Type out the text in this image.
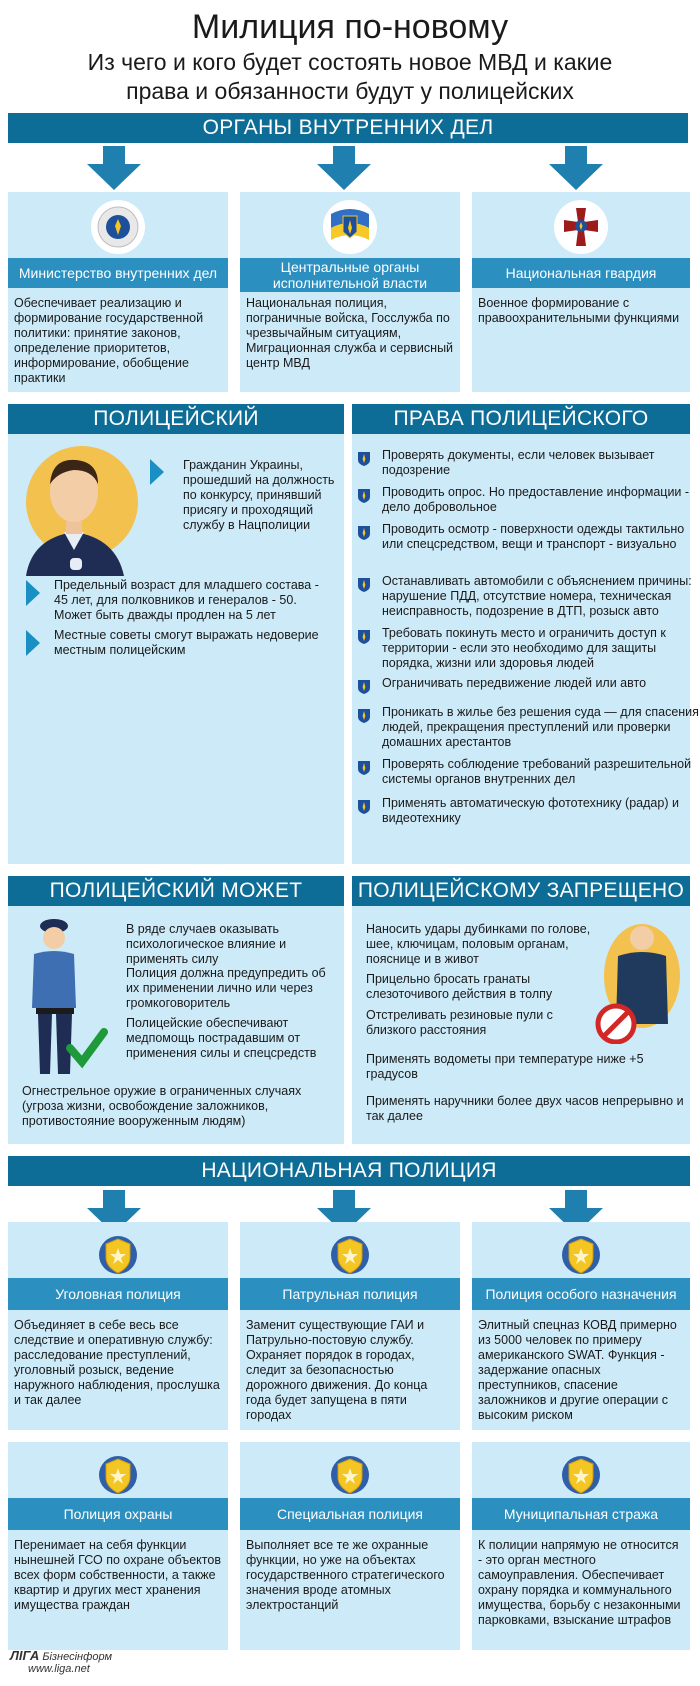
Милиция по-новому
Из чего и кого будет состоять новое МВД и какие
права и обязанности будут у полицейских
ОРГАНЫ ВНУТРЕННИХ ДЕЛ
Министерство внутренних дел
Обеспечивает реализацию и формирование государственной политики: принятие законов, определение приоритетов, информирование, обобщение практики
Центральные органы
исполнительной власти
Национальная полиция, пограничные войска, Госслужба по чрезвычайным ситуациям, Миграционная служба и сервисный центр МВД
Национальная гвардия
Военное формирование с правоохранительными функциями
ПОЛИЦЕЙСКИЙ	ПРАВА ПОЛИЦЕЙСКОГО
Гражданин Украины, прошедший на должность по конкурсу, принявший присягу и проходящий службу в Нацполиции
Предельный возраст для младшего состава - 45 лет, для полковников и генералов - 50. Может быть дважды продлен на 5 лет
Местные советы смогут выражать недоверие местным полицейским
Проверять документы, если человек вызывает подозрение
Проводить опрос. Но предоставление информации - дело добровольное
Проводить осмотр - поверхности одежды тактильно или спецсредством, вещи и транспорт - визуально
Останавливать автомобили с объяснением причины: нарушение ПДД, отсутствие номера, техническая неисправность, подозрение в ДТП, розыск авто
Требовать покинуть место и ограничить доступ к территории - если это необходимо для защиты порядка, жизни или здоровья людей
Ограничивать передвижение людей или авто
Проникать в жилье без решения суда — для спасения людей, прекращения преступлений или проверки домашних арестантов
Проверять соблюдение требований разрешительной системы органов внутренних дел
Применять автоматическую фототехнику (радар) и видеотехнику
ПОЛИЦЕЙСКИЙ МОЖЕТ	ПОЛИЦЕЙСКОМУ ЗАПРЕЩЕНО
В ряде случаев оказывать психологическое влияние и применять силу
Полиция должна предупредить об их применении лично или через громкоговоритель
Полицейские обеспечивают медпомощь пострадавшим от применения силы и спецсредств
Огнестрельное оружие в ограниченных случаях (угроза жизни, освобождение заложников, противостояние вооруженным людям)
Наносить удары дубинками по голове, шее, ключицам, половым органам, пояснице и в живот
Прицельно бросать гранаты слезоточивого действия в толпу
Отстреливать резиновые пули с близкого расстояния
Применять водометы при температуре ниже +5 градусов
Применять наручники более двух часов непрерывно и так далее
НАЦИОНАЛЬНАЯ ПОЛИЦИЯ
Уголовная полиция
Объединяет в себе весь все следствие и оперативную службу: расследование преступлений, уголовный розыск, ведение наружного наблюдения, прослушка и так далее
Патрульная полиция
Заменит существующие ГАИ и Патрульно-постовую службу. Охраняет порядок в городах, следит за безопасностью дорожного движения. До конца года будет запущена в пяти городах
Полиция особого назначения
Элитный спецназ КОВД примерно из 5000 человек по примеру американского SWAT. Функция - задержание опасных преступников, спасение заложников и другие операции с высоким риском
Полиция охраны
Перенимает на себя функции нынешней ГСО по охране объектов всех форм собственности, а также квартир и других мест хранения имущества граждан
Специальная полиция
Выполняет все те же охранные функции, но уже на объектах государственного стратегического значения вроде атомных электростанций
Муниципальная стража
К полиции напрямую не относится - это орган местного самоуправления. Обеспечивает охрану порядка и коммунального имущества, борьбу с незаконными парковками, взыскание штрафов
ЛIГА Бізнесінформ
www.liga.net
